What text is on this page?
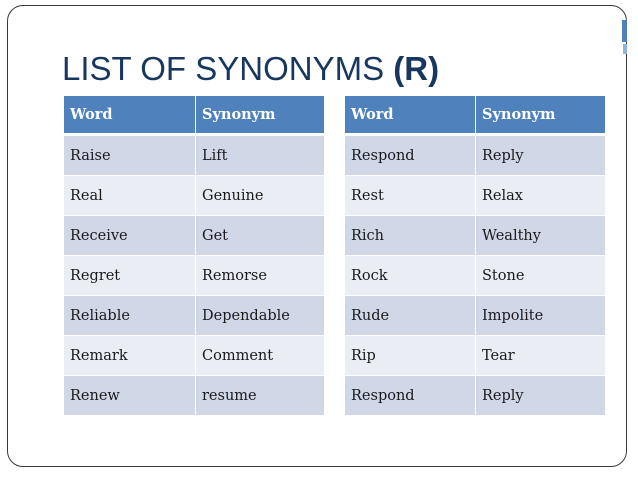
LIST OF SYNONYMS (R)
Word	Synonym
Raise	Lift
Real	Genuine
Receive	Get
Regret	Remorse
Reliable	Dependable
Remark	Comment
Renew	resume
Word	Synonym
Respond	Reply
Rest	Relax
Rich	Wealthy
Rock	Stone
Rude	Impolite
Rip	Tear
Respond	Reply
